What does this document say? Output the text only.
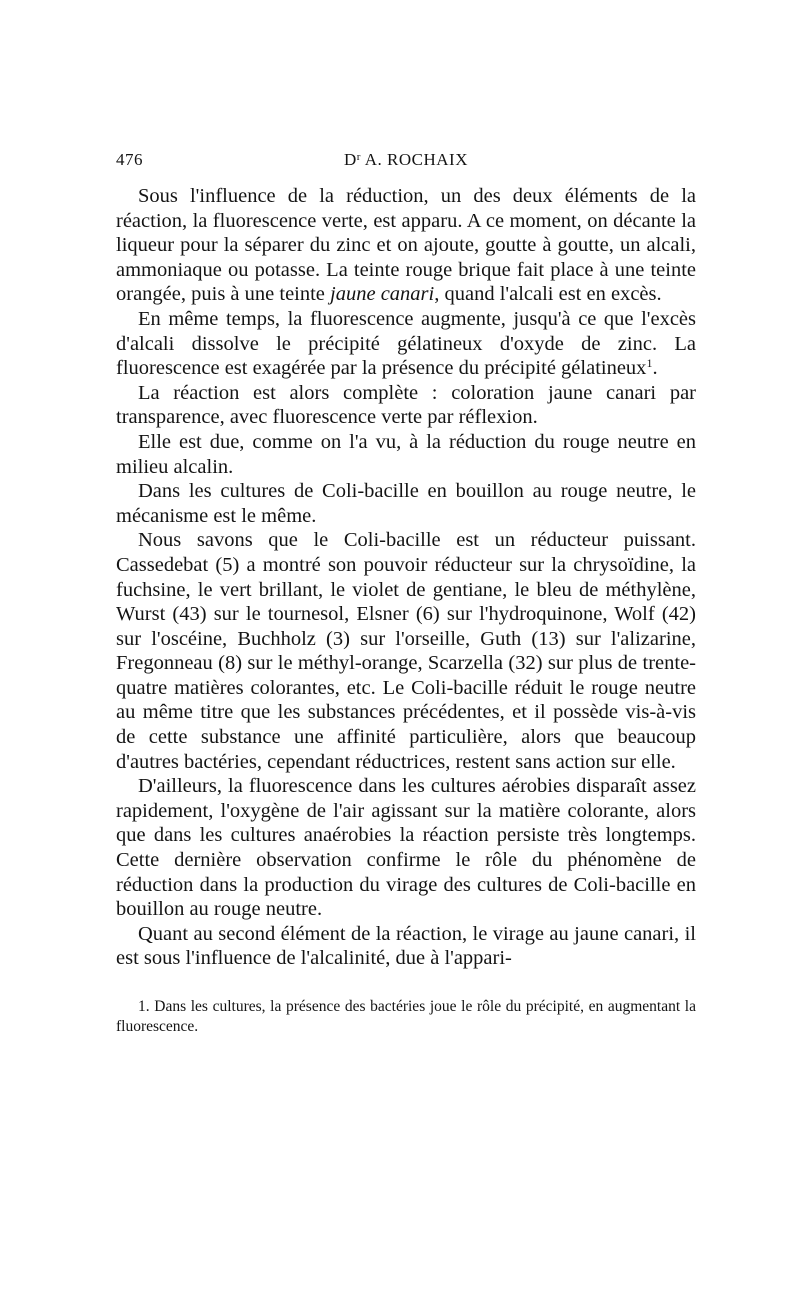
476	$D^r$ A. ROCHAIX

Sous l'influence de la réduction, un des deux éléments de la réaction, la fluorescence verte, est apparu. A ce moment, on décante la liqueur pour la séparer du zinc et on ajoute, goutte à goutte, un alcali, ammoniaque ou potasse. La teinte rouge brique fait place à une teinte orangée, puis à une teinte jaune canari, quand l'alcali est en excès.

En même temps, la fluorescence augmente, jusqu'à ce que l'excès d'alcali dissolve le précipité gélatineux d'oxyde de zinc. La fluorescence est exagérée par la présence du précipité gélatineux$^1$.

La réaction est alors complète : coloration jaune canari par transparence, avec fluorescence verte par réflexion.

Elle est due, comme on l'a vu, à la réduction du rouge neutre en milieu alcalin.

Dans les cultures de Coli-bacille en bouillon au rouge neutre, le mécanisme est le même.

Nous savons que le Coli-bacille est un réducteur puissant. Cassedebat (5) a montré son pouvoir réducteur sur la chrysoïdine, la fuchsine, le vert brillant, le violet de gentiane, le bleu de méthylène, Wurst (43) sur le tournesol, Elsner (6) sur l'hydroquinone, Wolf (42) sur l'oscéine, Buchholz (3) sur l'orseille, Guth (13) sur l'alizarine, Fregonneau (8) sur le méthyl-orange, Scarzella (32) sur plus de trente-quatre matières colorantes, etc. Le Coli-bacille réduit le rouge neutre au même titre que les substances précédentes, et il possède vis-à-vis de cette substance une affinité particulière, alors que beaucoup d'autres bactéries, cependant réductrices, restent sans action sur elle.

D'ailleurs, la fluorescence dans les cultures aérobies disparaît assez rapidement, l'oxygène de l'air agissant sur la matière colorante, alors que dans les cultures anaérobies la réaction persiste très longtemps. Cette dernière observation confirme le rôle du phénomène de réduction dans la production du virage des cultures de Coli-bacille en bouillon au rouge neutre.

Quant au second élément de la réaction, le virage au jaune canari, il est sous l'influence de l'alcalinité, due à l'appari-

1. Dans les cultures, la présence des bactéries joue le rôle du précipité, en augmentant la fluorescence.
